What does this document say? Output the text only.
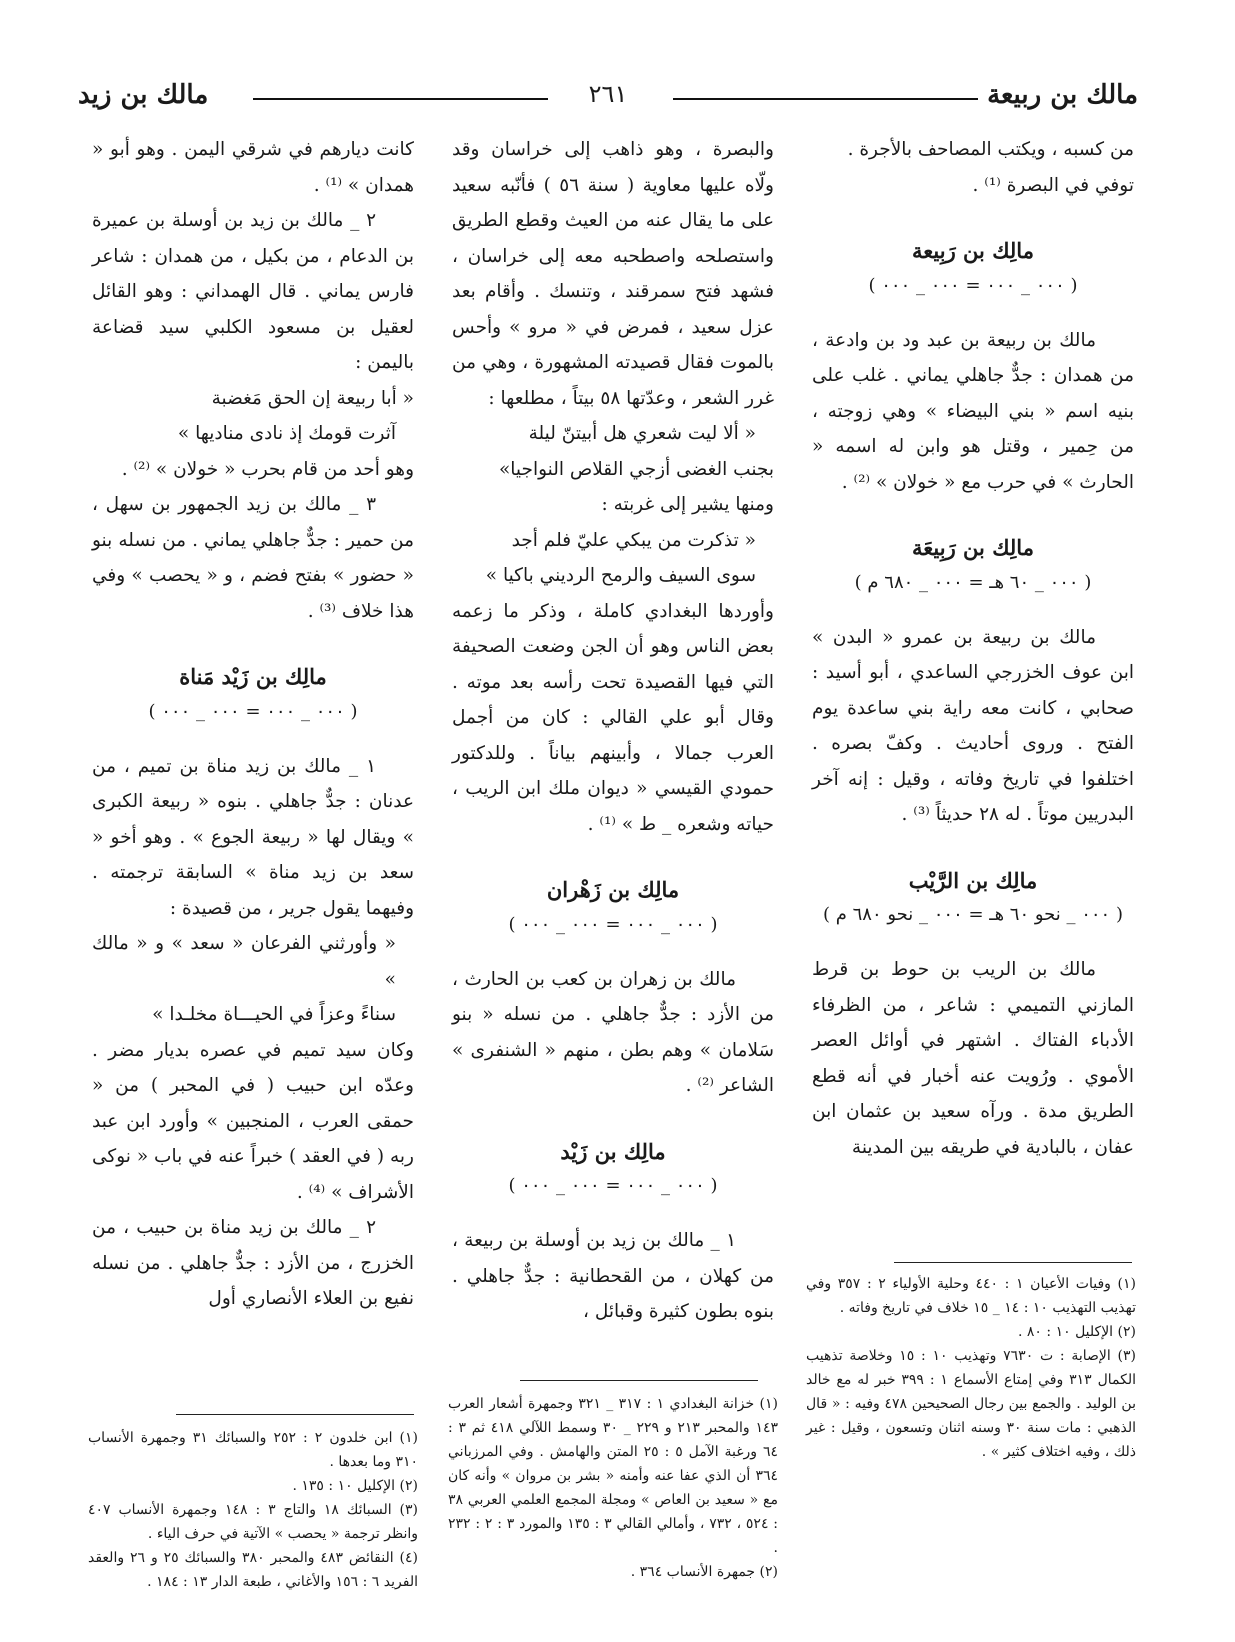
مالك بن ربيعة
٢٦١
مالك بن زيد

من كسبه ، ويكتب المصاحف بالأجرة .

توفي في البصرة ⁽¹⁾ .

مالِك بن رَبِيعة
( ٠٠٠ _ ٠٠٠ = ٠٠٠ _ ٠٠٠ )

مالك بن ربيعة بن عبد ود بن وادعة ، من همدان : جدٌّ جاهلي يماني . غلب على بنيه اسم « بني البيضاء » وهي زوجته ، من حِمير ، وقتل هو وابن له اسمه « الحارث » في حرب مع « خولان » ⁽²⁾ .

مالِك بن رَبِيعَة
( ٠٠٠ _ ٦٠ هـ = ٠٠٠ _ ٦٨٠ م )

مالك بن ربيعة بن عمرو « البدن » ابن عوف الخزرجي الساعدي ، أبو أسيد : صحابي ، كانت معه راية بني ساعدة يوم الفتح . وروى أحاديث . وكفّ بصره . اختلفوا في تاريخ وفاته ، وقيل : إنه آخر البدريين موتاً . له ٢٨ حديثاً ⁽³⁾ .

مالِك بن الرَّيْب
( ٠٠٠ _ نحو ٦٠ هـ = ٠٠٠ _ نحو ٦٨٠ م )

مالك بن الريب بن حوط بن قرط المازني التميمي : شاعر ، من الظرفاء الأدباء الفتاك . اشتهر في أوائل العصر الأموي . ورُويت عنه أخبار في أنه قطع الطريق مدة . ورآه سعيد بن عثمان ابن عفان ، بالبادية في طريقه بين المدينة

والبصرة ، وهو ذاهب إلى خراسان وقد ولّاه عليها معاوية ( سنة ٥٦ ) فأنّبه سعيد على ما يقال عنه من العيث وقطع الطريق واستصلحه واصطحبه معه إلى خراسان ، فشهد فتح سمرقند ، وتنسك . وأقام بعد عزل سعيد ، فمرض في « مرو » وأحس بالموت فقال قصيدته المشهورة ، وهي من غرر الشعر ، وعدّتها ٥٨ بيتاً ، مطلعها :

« ألا ليت شعري هل أبيتنّ ليلة

بجنب الغضى أزجي القلاص النواجيا»

ومنها يشير إلى غربته :

« تذكرت من يبكي عليّ فلم أجد

سوى السيف والرمح الرديني باكيا »

وأوردها البغدادي كاملة ، وذكر ما زعمه بعض الناس وهو أن الجن وضعت الصحيفة التي فيها القصيدة تحت رأسه بعد موته . وقال أبو علي القالي : كان من أجمل العرب جمالا ، وأبينهم بياناً . وللدكتور حمودي القيسي « ديوان ملك ابن الريب ، حياته وشعره _ ط » ⁽¹⁾ .

مالِك بن زَهْران
( ٠٠٠ _ ٠٠٠ = ٠٠٠ _ ٠٠٠ )

مالك بن زهران بن كعب بن الحارث ، من الأزد : جدٌّ جاهلي . من نسله « بنو سَلامان » وهم بطن ، منهم « الشنفرى » الشاعر ⁽²⁾ .

مالِك بن زَيْد
( ٠٠٠ _ ٠٠٠ = ٠٠٠ _ ٠٠٠ )

١ _ مالك بن زيد بن أوسلة بن ربيعة ، من كهلان ، من القحطانية : جدٌّ جاهلي . بنوه بطون كثيرة وقبائل ،

كانت ديارهم في شرقي اليمن . وهو أبو « همدان » ⁽¹⁾ .

٢ _ مالك بن زيد بن أوسلة بن عميرة بن الدعام ، من بكيل ، من همدان : شاعر فارس يماني . قال الهمداني : وهو القائل لعقيل بن مسعود الكلبي سيد قضاعة باليمن :

« أبا ربيعة إن الحق مَغضبة

آثرت قومك إذ نادى مناديها »

وهو أحد من قام بحرب « خولان » ⁽²⁾ .

٣ _ مالك بن زيد الجمهور بن سهل ، من حمير : جدٌّ جاهلي يماني . من نسله بنو « حضور » بفتح فضم ، و « يحصب » وفي هذا خلاف ⁽³⁾ .

مالِك بن زَيْد مَناة
( ٠٠٠ _ ٠٠٠ = ٠٠٠ _ ٠٠٠ )

١ _ مالك بن زيد مناة بن تميم ، من عدنان : جدٌّ جاهلي . بنوه « ربيعة الكبرى » ويقال لها « ربيعة الجوع » . وهو أخو « سعد بن زيد مناة » السابقة ترجمته . وفيهما يقول جرير ، من قصيدة :

« وأورثني الفرعان « سعد » و « مالك »

سناءً وعزاً في الحيـــاة مخلـدا »

وكان سيد تميم في عصره بديار مضر . وعدّه ابن حبيب ( في المحبر ) من « حمقى العرب ، المنجبين » وأورد ابن عبد ربه ( في العقد ) خبراً عنه في باب « نوكى الأشراف » ⁽⁴⁾ .

٢ _ مالك بن زيد مناة بن حبيب ، من الخزرج ، من الأزد : جدٌّ جاهلي . من نسله نفيع بن العلاء الأنصاري أول

(١) وفيات الأعيان ١ : ٤٤٠ وحلية الأولياء ٢ : ٣٥٧ وفي تهذيب التهذيب ١٠ : ١٤ _ ١٥ خلاف في تاريخ وفاته .

(٢) الإكليل ١٠ : ٨٠ .

(٣) الإصابة : ت ٧٦٣٠ وتهذيب ١٠ : ١٥ وخلاصة تذهيب الكمال ٣١٣ وفي إمتاع الأسماع ١ : ٣٩٩ خبر له مع خالد بن الوليد . والجمع بين رجال الصحيحين ٤٧٨ وفيه : « قال الذهبي : مات سنة ٣٠ وسنه اثنان وتسعون ، وقيل : غير ذلك ، وفيه اختلاف كثير » .

(١) خزانة البغدادي ١ : ٣١٧ _ ٣٢١ وجمهرة أشعار العرب ١٤٣ والمحبر ٢١٣ و ٢٢٩ _ ٣٠ وسمط اللآلي ٤١٨ ثم ٣ : ٦٤ ورغبة الآمل ٥ : ٢٥ المتن والهامش . وفي المرزباني ٣٦٤ أن الذي عفا عنه وأمنه « بشر بن مروان » وأنه كان مع « سعيد بن العاص » ومجلة المجمع العلمي العربي ٣٨ : ٥٢٤ ، ٧٣٢ ، وأمالي القالي ٣ : ١٣٥ والمورد ٣ : ٢ : ٢٣٢ .

(٢) جمهرة الأنساب ٣٦٤ .

(١) ابن خلدون ٢ : ٢٥٢ والسبائك ٣١ وجمهرة الأنساب ٣١٠ وما بعدها .

(٢) الإكليل ١٠ : ١٣٥ .

(٣) السبائك ١٨ والتاج ٣ : ١٤٨ وجمهرة الأنساب ٤٠٧ وانظر ترجمة « يحصب » الآتية في حرف الياء .

(٤) النقائض ٤٨٣ والمحبر ٣٨٠ والسبائك ٢٥ و ٢٦ والعقد الفريد ٦ : ١٥٦ والأغاني ، طبعة الدار ١٣ : ١٨٤ .
